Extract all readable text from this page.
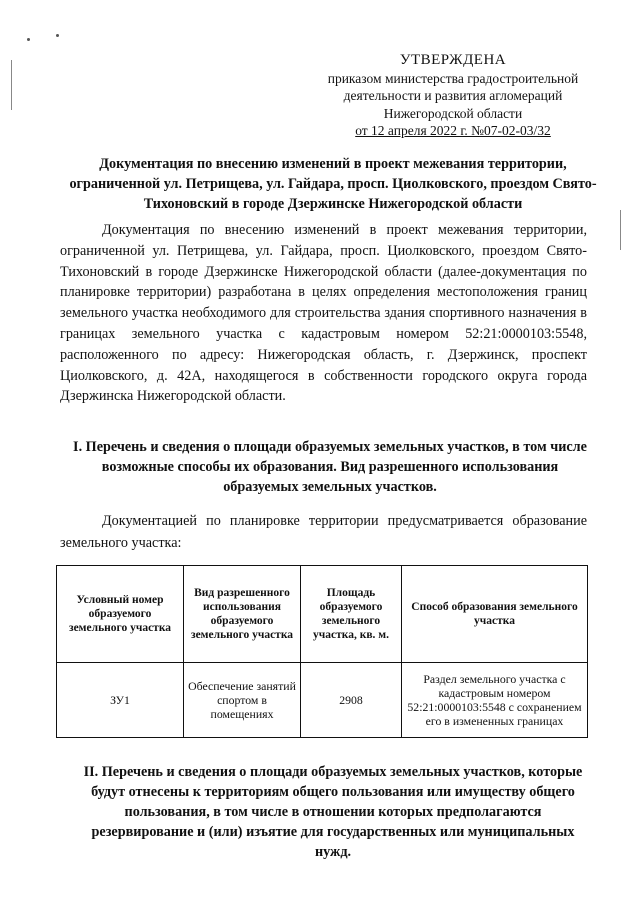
УТВЕРЖДЕНА
приказом министерства градостроительной
деятельности и развития агломераций
Нижегородской области
от 12 апреля 2022 г. №07-02-03/32
Документация по внесению изменений в проект межевания территории, ограниченной ул. Петрищева, ул. Гайдара, просп. Циолковского, проездом Свято-Тихоновский в городе Дзержинске Нижегородской области
Документация по внесению изменений в проект межевания территории, ограниченной ул. Петрищева, ул. Гайдара, просп. Циолковского, проездом Свято-Тихоновский в городе Дзержинске Нижегородской области (далее-документация по планировке территории) разработана в целях определения местоположения границ земельного участка необходимого для строительства здания спортивного назначения в границах земельного участка с кадастровым номером 52:21:0000103:5548, расположенного по адресу: Нижегородская область, г. Дзержинск, проспект Циолковского, д. 42А, находящегося в собственности городского округа города Дзержинска Нижегородской области.
I. Перечень и сведения о площади образуемых земельных участков, в том числе возможные способы их образования. Вид разрешенного использования образуемых земельных участков.
Документацией по планировке территории предусматривается образование земельного участка:
Условный номер образуемого земельного участка	Вид разрешенного использования образуемого земельного участка	Площадь образуемого земельного участка, кв. м.	Способ образования земельного участка
ЗУ1	Обеспечение занятий спортом в помещениях	2908	Раздел земельного участка с кадастровым номером 52:21:0000103:5548 с сохранением его в измененных границах
II. Перечень и сведения о площади образуемых земельных участков, которые будут отнесены к территориям общего пользования или имуществу общего пользования, в том числе в отношении которых предполагаются резервирование и (или) изъятие для государственных или муниципальных нужд.
